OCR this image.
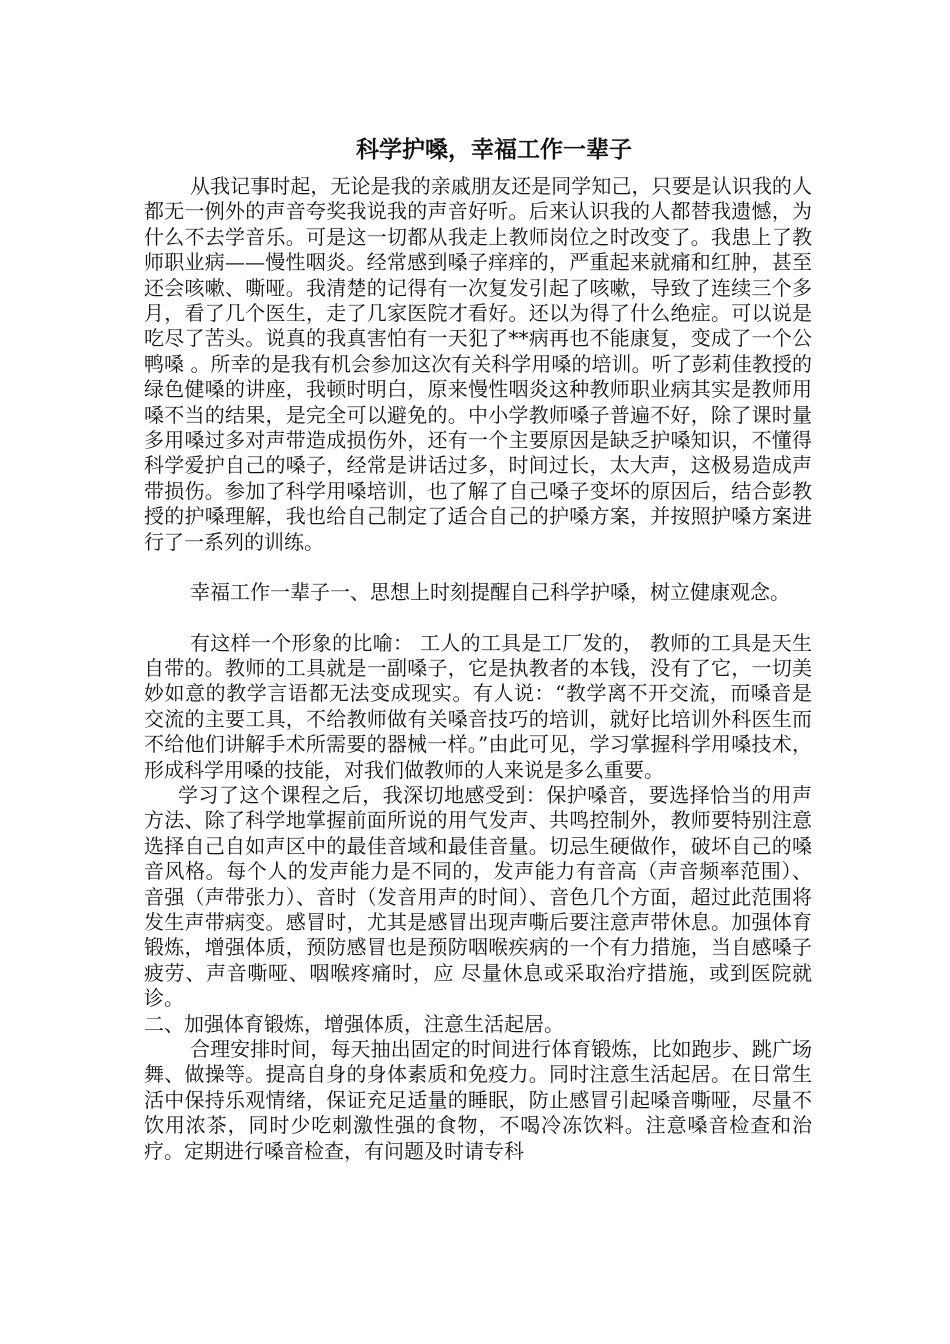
科学护嗓，幸福工作一辈子

从我记事时起，无论是我的亲戚朋友还是同学知己，只要是认识我的人都无一例外的声音夸奖我说我的声音好听。后来认识我的人都替我遗憾，为什么不去学音乐。可是这一切都从我走上教师岗位之时改变了。我患上了教师职业病——慢性咽炎。经常感到嗓子痒痒的，严重起来就痛和红肿，甚至还会咳嗽、嘶哑。我清楚的记得有一次复发引起了咳嗽，导致了连续三个多月，看了几个医生，走了几家医院才看好。还以为得了什么绝症。可以说是吃尽了苦头。说真的我真害怕有一天犯了**病再也不能康复，变成了一个公鸭嗓 。所幸的是我有机会参加这次有关科学用嗓的培训。听了彭莉佳教授的绿色健嗓的讲座，我顿时明白，原来慢性咽炎这种教师职业病其实是教师用嗓不当的结果，是完全可以避免的。中小学教师嗓子普遍不好，除了课时量多用嗓过多对声带造成损伤外，还有一个主要原因是缺乏护嗓知识，不懂得科学爱护自己的嗓子，经常是讲话过多，时间过长，太大声，这极易造成声带损伤。参加了科学用嗓培训，也了解了自己嗓子变坏的原因后，结合彭教授的护嗓理解，我也给自己制定了适合自己的护嗓方案，并按照护嗓方案进行了一系列的训练。

幸福工作一辈子一、思想上时刻提醒自己科学护嗓，树立健康观念。

有这样一个形象的比喻： 工人的工具是工厂发的， 教师的工具是天生自带的。教师的工具就是一副嗓子，它是执教者的本钱，没有了它，一切美妙如意的教学言语都无法变成现实。有人说：“教学离不开交流，而嗓音是交流的主要工具，不给教师做有关嗓音技巧的培训，就好比培训外科医生而不给他们讲解手术所需要的器械一样。”由此可见，学习掌握科学用嗓技术，形成科学用嗓的技能，对我们做教师的人来说是多么重要。

学习了这个课程之后，我深切地感受到：保护嗓音，要选择恰当的用声方法、除了科学地掌握前面所说的用气发声、共鸣控制外，教师要特别注意选择自己自如声区中的最佳音域和最佳音量。切忌生硬做作，破坏自己的嗓音风格。每个人的发声能力是不同的，发声能力有音高（声音频率范围）、音强（声带张力）、音时（发音用声的时间）、音色几个方面，超过此范围将发生声带病变。感冒时，尤其是感冒出现声嘶后要注意声带休息。加强体育锻炼，增强体质，预防感冒也是预防咽喉疾病的一个有力措施，当自感嗓子疲劳、声音嘶哑、咽喉疼痛时，应 尽量休息或采取治疗措施，或到医院就诊。

二、加强体育锻炼，增强体质，注意生活起居。

合理安排时间，每天抽出固定的时间进行体育锻炼，比如跑步、跳广场舞、做操等。提高自身的身体素质和免疫力。同时注意生活起居。在日常生活中保持乐观情绪，保证充足适量的睡眠，防止感冒引起嗓音嘶哑，尽量不饮用浓茶，同时少吃刺激性强的食物，不喝冷冻饮料。注意嗓音检查和治疗。定期进行嗓音检查，有问题及时请专科
